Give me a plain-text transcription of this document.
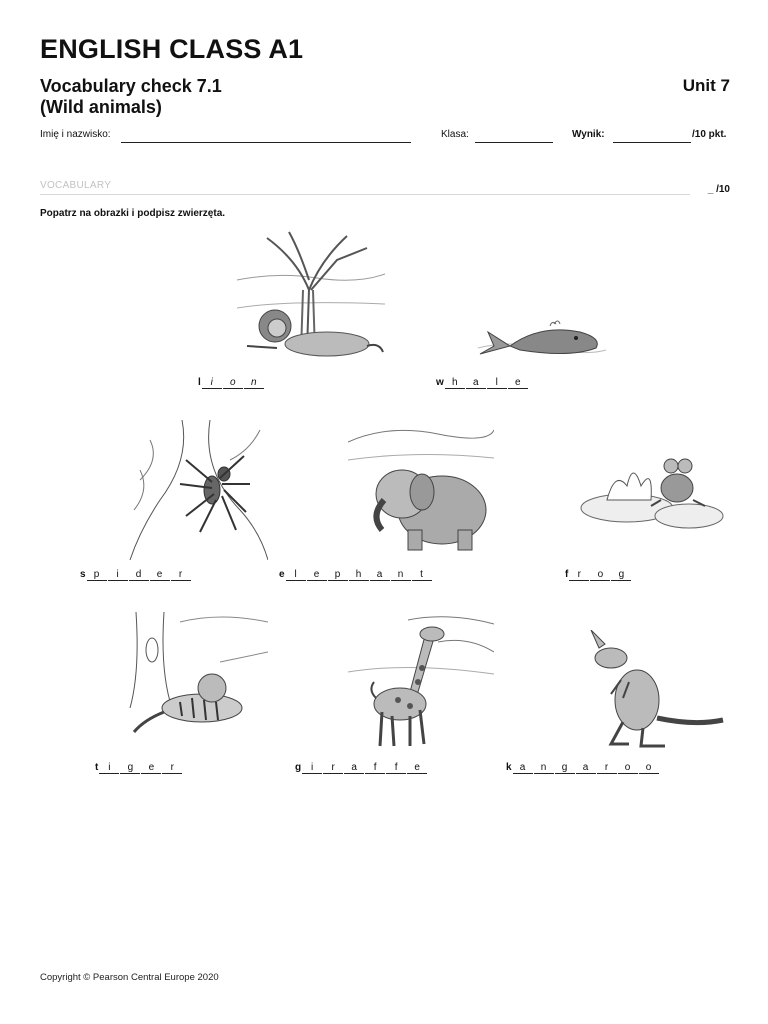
ENGLISH CLASS A1
Vocabulary check 7.1
(Wild animals)
Unit 7
Imię i nazwisko:	Klasa:	Wynik:	/10 pkt.
VOCABULARY	_ /10
Popatrz na obrazki i podpisz zwierzęta.
l i o n	w h a l e
s p i d e r	e l e p h a n t	f r o g
t i g e r	g i r a f f e	k a n g a r o o
Copyright © Pearson Central Europe 2020
